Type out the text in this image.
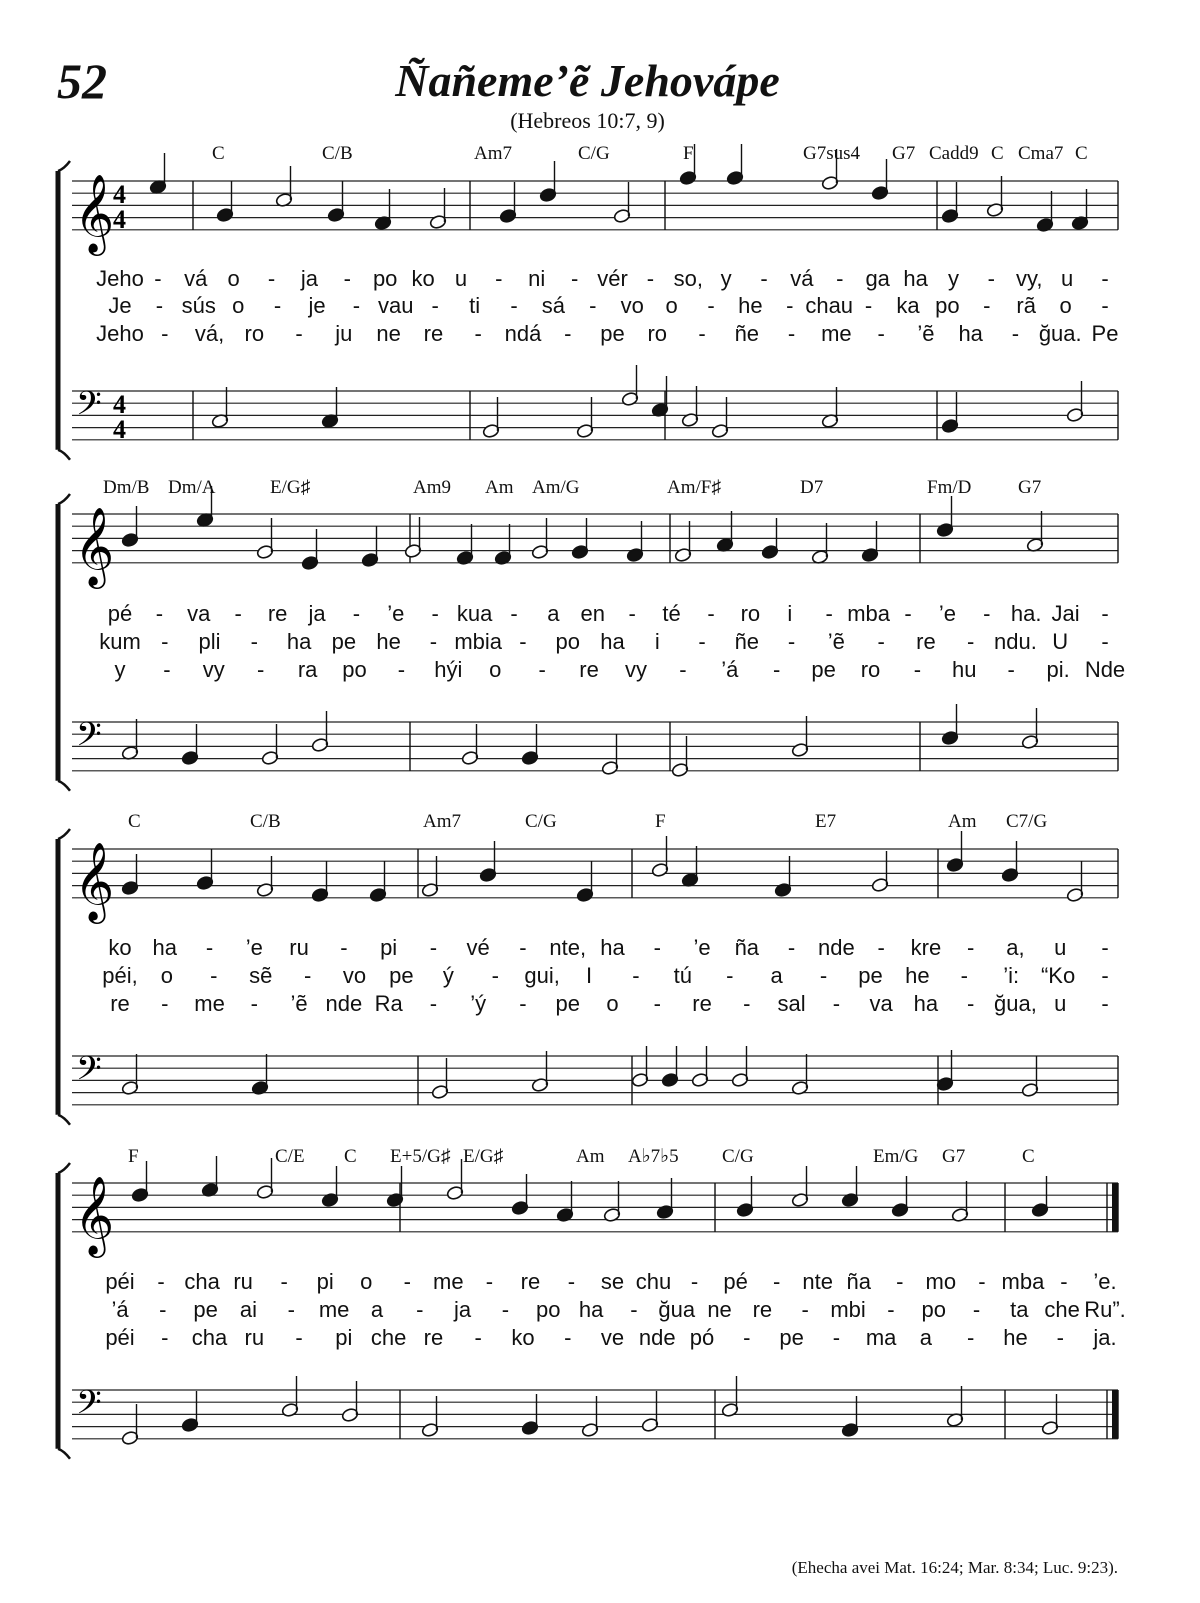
52	Ñañeme’ẽ Jehovápe
(Hebreos 10:7, 9)
𝄞
4
4
𝄢 4
4
C	C/B	Am7	C/G	F	G7sus4 G7 Cadd9 C Cma7 C
Jeho - vá o - ja - po ko u - ni - vér - so, y - vá - ga ha y - vy, u -
Je - sús o - je - vau - ti - sá - vo o - he - chau - ka po - rã o -
Jeho - vá, ro - ju ne re - ndá - pe ro - ñe - me - ’ẽ ha - ğua. Pe
𝄞
𝄢
Dm/B Dm/A	E/G♯	Am9 Am Am/G	Am/F♯	D7	Fm/D G7
pé - va - re ja - ’e - kua - a en - té - ro i - mba - ’e - ha. Jai -
kum - pli - ha pe he - mbia - po ha i - ñe - ’ẽ - re - ndu. U -
y - vy - ra po - hýi o - re vy - ’á - pe ro - hu - pi. Nde
𝄞
𝄢
C	C/B	Am7	C/G	F	E7	Am C7/G
ko ha - ’e ru - pi - vé - nte, ha - ’e ña - nde - kre - a, u -
péi, o - sẽ - vo pe ý - gui, I - tú - a - pe he - ’i: “Ko -
re - me - ’ẽ nde Ra - ’ý - pe o - re - sal - va ha - ğua, u -
𝄞
𝄢
F	C/E C E+5/G♯ E/G♯	Am A♭7♭5 C/G	Em/G G7	C
péi - cha ru - pi o - me - re - se chu - pé - nte ña - mo - mba - ’e.
’á - pe ai - me a - ja - po ha - ğua ne re - mbi - po - ta che Ru”.
péi - cha ru - pi che re - ko - ve nde pó - pe - ma a - he - ja.
(Ehecha avei Mat. 16:24; Mar. 8:34; Luc. 9:23).
